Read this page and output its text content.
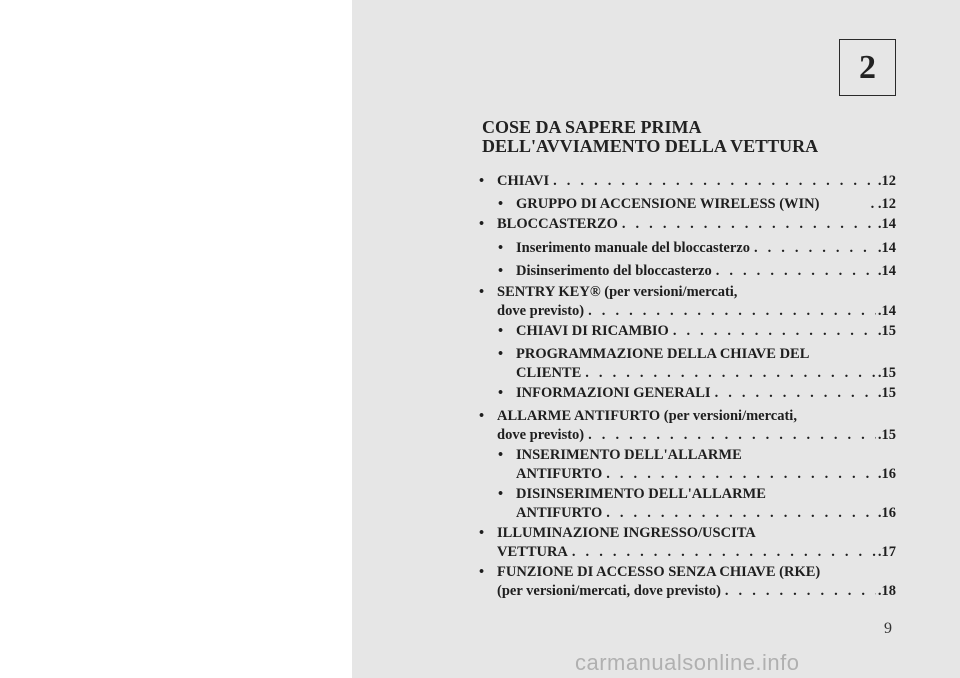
2
COSE DA SAPERE PRIMA
DELL'AVVIAMENTO DELLA VETTURA
• CHIAVI . . .	.12
• GRUPPO DI ACCENSIONE WIRELESS (WIN)	. .12
• BLOCCASTERZO . . .	.14
• Inserimento manuale del bloccasterzo . . .	.14
• Disinserimento del bloccasterzo . . .	.14
• SENTRY KEY® (per versioni/mercati,
dove previsto) . . .	.14
• CHIAVI DI RICAMBIO . . .	.15
• PROGRAMMAZIONE DELLA CHIAVE DEL
CLIENTE . . .	.15
• INFORMAZIONI GENERALI . . .	.15
• ALLARME ANTIFURTO (per versioni/mercati,
dove previsto) . . .	.15
• INSERIMENTO DELL'ALLARME
ANTIFURTO . . .	.16
• DISINSERIMENTO DELL'ALLARME
ANTIFURTO . . .	.16
• ILLUMINAZIONE INGRESSO/USCITA
VETTURA . . .	.17
• FUNZIONE DI ACCESSO SENZA CHIAVE (RKE)
(per versioni/mercati, dove previsto) . . .	.18
9
carmanualsonline.info
